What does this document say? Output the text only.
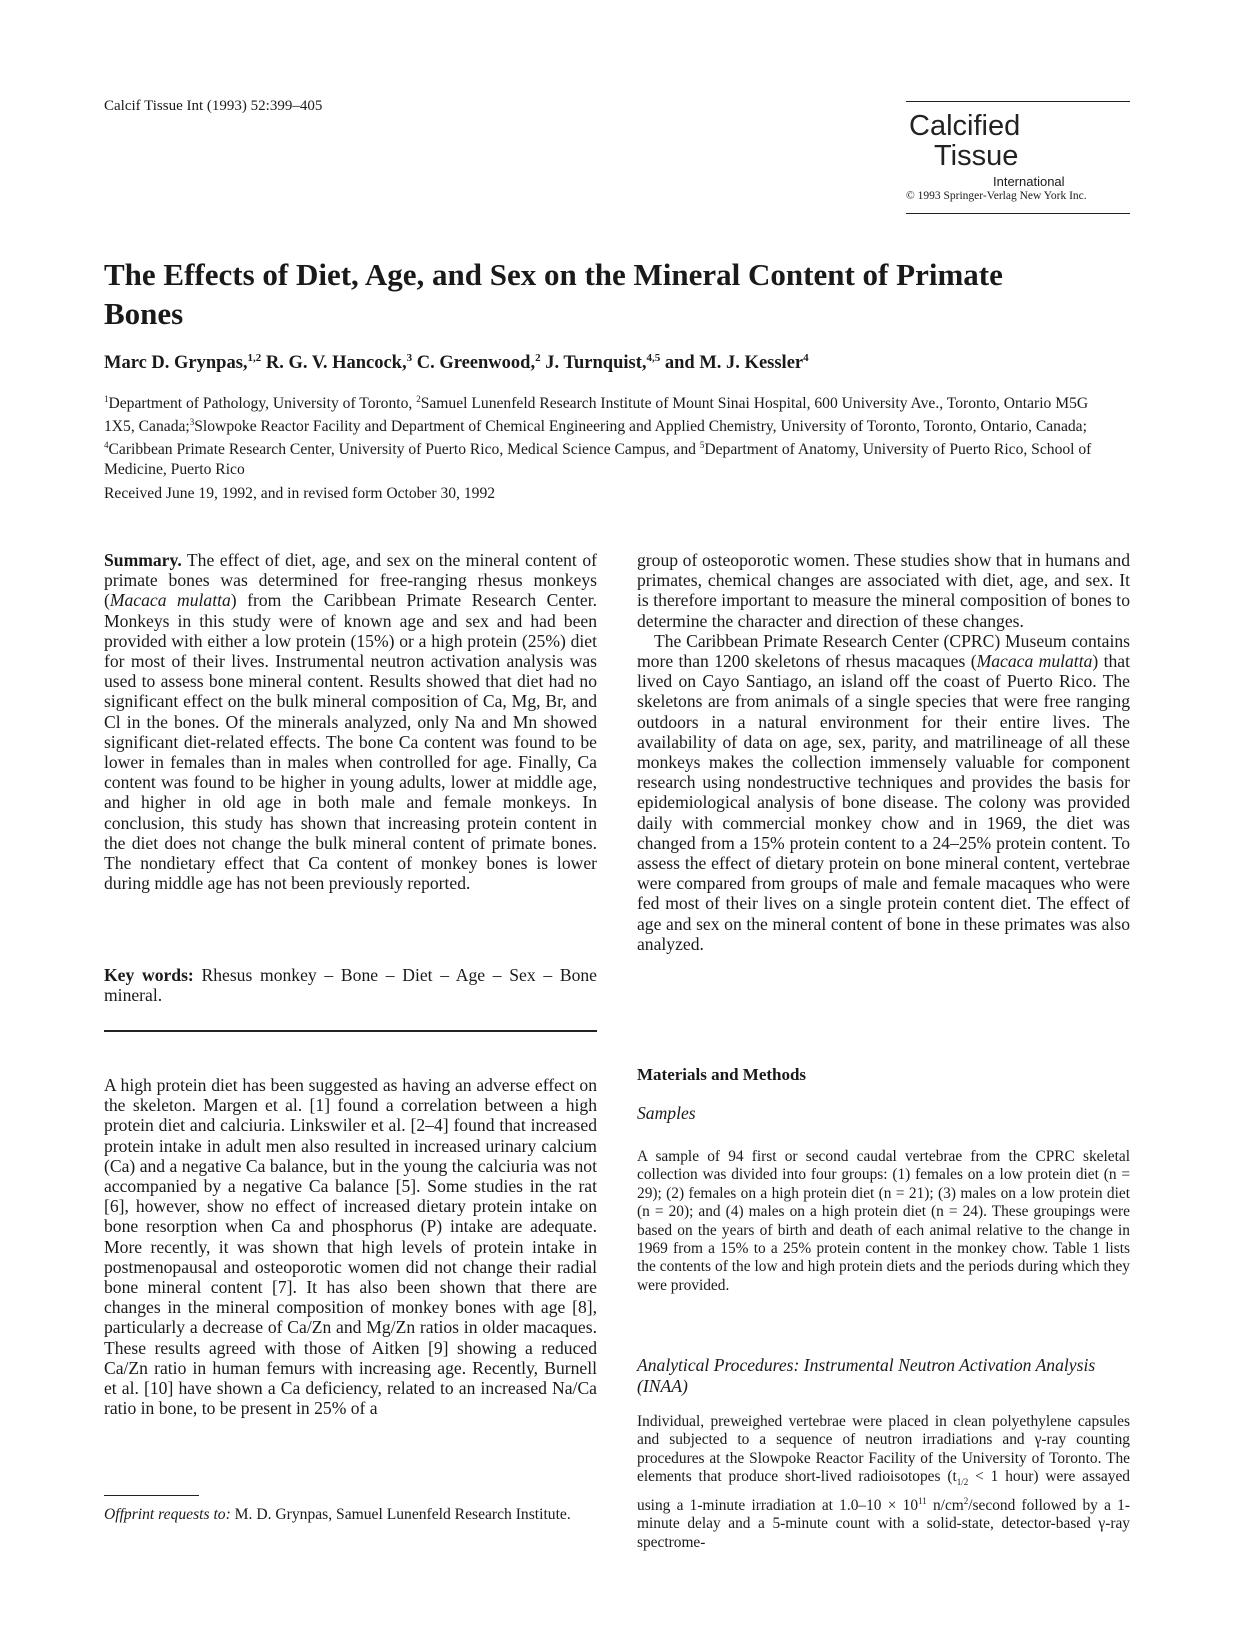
Calcif Tissue Int (1993) 52:399–405
Calcified
Tissue
International
© 1993 Springer-Verlag New York Inc.
The Effects of Diet, Age, and Sex on the Mineral Content of Primate Bones
Marc D. Grynpas,$^{1,2}$ R. G. V. Hancock,$^3$ C. Greenwood,$^2$ J. Turnquist,$^{4,5}$ and M. J. Kessler$^4$
$^1$Department of Pathology, University of Toronto, $^2$Samuel Lunenfeld Research Institute of Mount Sinai Hospital, 600 University Ave., Toronto, Ontario M5G 1X5, Canada;$^3$Slowpoke Reactor Facility and Department of Chemical Engineering and Applied Chemistry, University of Toronto, Toronto, Ontario, Canada; $^4$Caribbean Primate Research Center, University of Puerto Rico, Medical Science Campus, and $^5$Department of Anatomy, University of Puerto Rico, School of Medicine, Puerto Rico
Received June 19, 1992, and in revised form October 30, 1992

Summary. The effect of diet, age, and sex on the mineral content of primate bones was determined for free-ranging rhesus monkeys (Macaca mulatta) from the Caribbean Primate Research Center. Monkeys in this study were of known age and sex and had been provided with either a low protein (15%) or a high protein (25%) diet for most of their lives. Instrumental neutron activation analysis was used to assess bone mineral content. Results showed that diet had no significant effect on the bulk mineral composition of Ca, Mg, Br, and Cl in the bones. Of the minerals analyzed, only Na and Mn showed significant diet-related effects. The bone Ca content was found to be lower in females than in males when controlled for age. Finally, Ca content was found to be higher in young adults, lower at middle age, and higher in old age in both male and female monkeys. In conclusion, this study has shown that increasing protein content in the diet does not change the bulk mineral content of primate bones. The nondietary effect that Ca content of monkey bones is lower during middle age has not been previously reported.

Key words: Rhesus monkey – Bone – Diet – Age – Sex – Bone mineral.

A high protein diet has been suggested as having an adverse effect on the skeleton. Margen et al. [1] found a correlation between a high protein diet and calciuria. Linkswiler et al. [2–4] found that increased protein intake in adult men also resulted in increased urinary calcium (Ca) and a negative Ca balance, but in the young the calciuria was not accompanied by a negative Ca balance [5]. Some studies in the rat [6], however, show no effect of increased dietary protein intake on bone resorption when Ca and phosphorus (P) intake are adequate. More recently, it was shown that high levels of protein intake in postmenopausal and osteoporotic women did not change their radial bone mineral content [7]. It has also been shown that there are changes in the mineral composition of monkey bones with age [8], particularly a decrease of Ca/Zn and Mg/Zn ratios in older macaques. These results agreed with those of Aitken [9] showing a reduced Ca/Zn ratio in human femurs with increasing age. Recently, Burnell et al. [10] have shown a Ca deficiency, related to an increased Na/Ca ratio in bone, to be present in 25% of a

Offprint requests to: M. D. Grynpas, Samuel Lunenfeld Research Institute.

group of osteoporotic women. These studies show that in humans and primates, chemical changes are associated with diet, age, and sex. It is therefore important to measure the mineral composition of bones to determine the character and direction of these changes.

The Caribbean Primate Research Center (CPRC) Museum contains more than 1200 skeletons of rhesus macaques (Macaca mulatta) that lived on Cayo Santiago, an island off the coast of Puerto Rico. The skeletons are from animals of a single species that were free ranging outdoors in a natural environment for their entire lives. The availability of data on age, sex, parity, and matrilineage of all these monkeys makes the collection immensely valuable for component research using nondestructive techniques and provides the basis for epidemiological analysis of bone disease. The colony was provided daily with commercial monkey chow and in 1969, the diet was changed from a 15% protein content to a 24–25% protein content. To assess the effect of dietary protein on bone mineral content, vertebrae were compared from groups of male and female macaques who were fed most of their lives on a single protein content diet. The effect of age and sex on the mineral content of bone in these primates was also analyzed.

Materials and Methods
Samples
A sample of 94 first or second caudal vertebrae from the CPRC skeletal collection was divided into four groups: (1) females on a low protein diet (n = 29); (2) females on a high protein diet (n = 21); (3) males on a low protein diet (n = 20); and (4) males on a high protein diet (n = 24). These groupings were based on the years of birth and death of each animal relative to the change in 1969 from a 15% to a 25% protein content in the monkey chow. Table 1 lists the contents of the low and high protein diets and the periods during which they were provided.
Analytical Procedures: Instrumental Neutron Activation Analysis (INAA)
Individual, preweighed vertebrae were placed in clean polyethylene capsules and subjected to a sequence of neutron irradiations and γ-ray counting procedures at the Slowpoke Reactor Facility of the University of Toronto. The elements that produce short-lived radioisotopes ($t_{1/2} < 1$ hour) were assayed using a 1-minute irradiation at $1.0-10 \times 10^{11}$ $n/cm^2$/second followed by a 1-minute delay and a 5-minute count with a solid-state, detector-based γ-ray spectrome-
